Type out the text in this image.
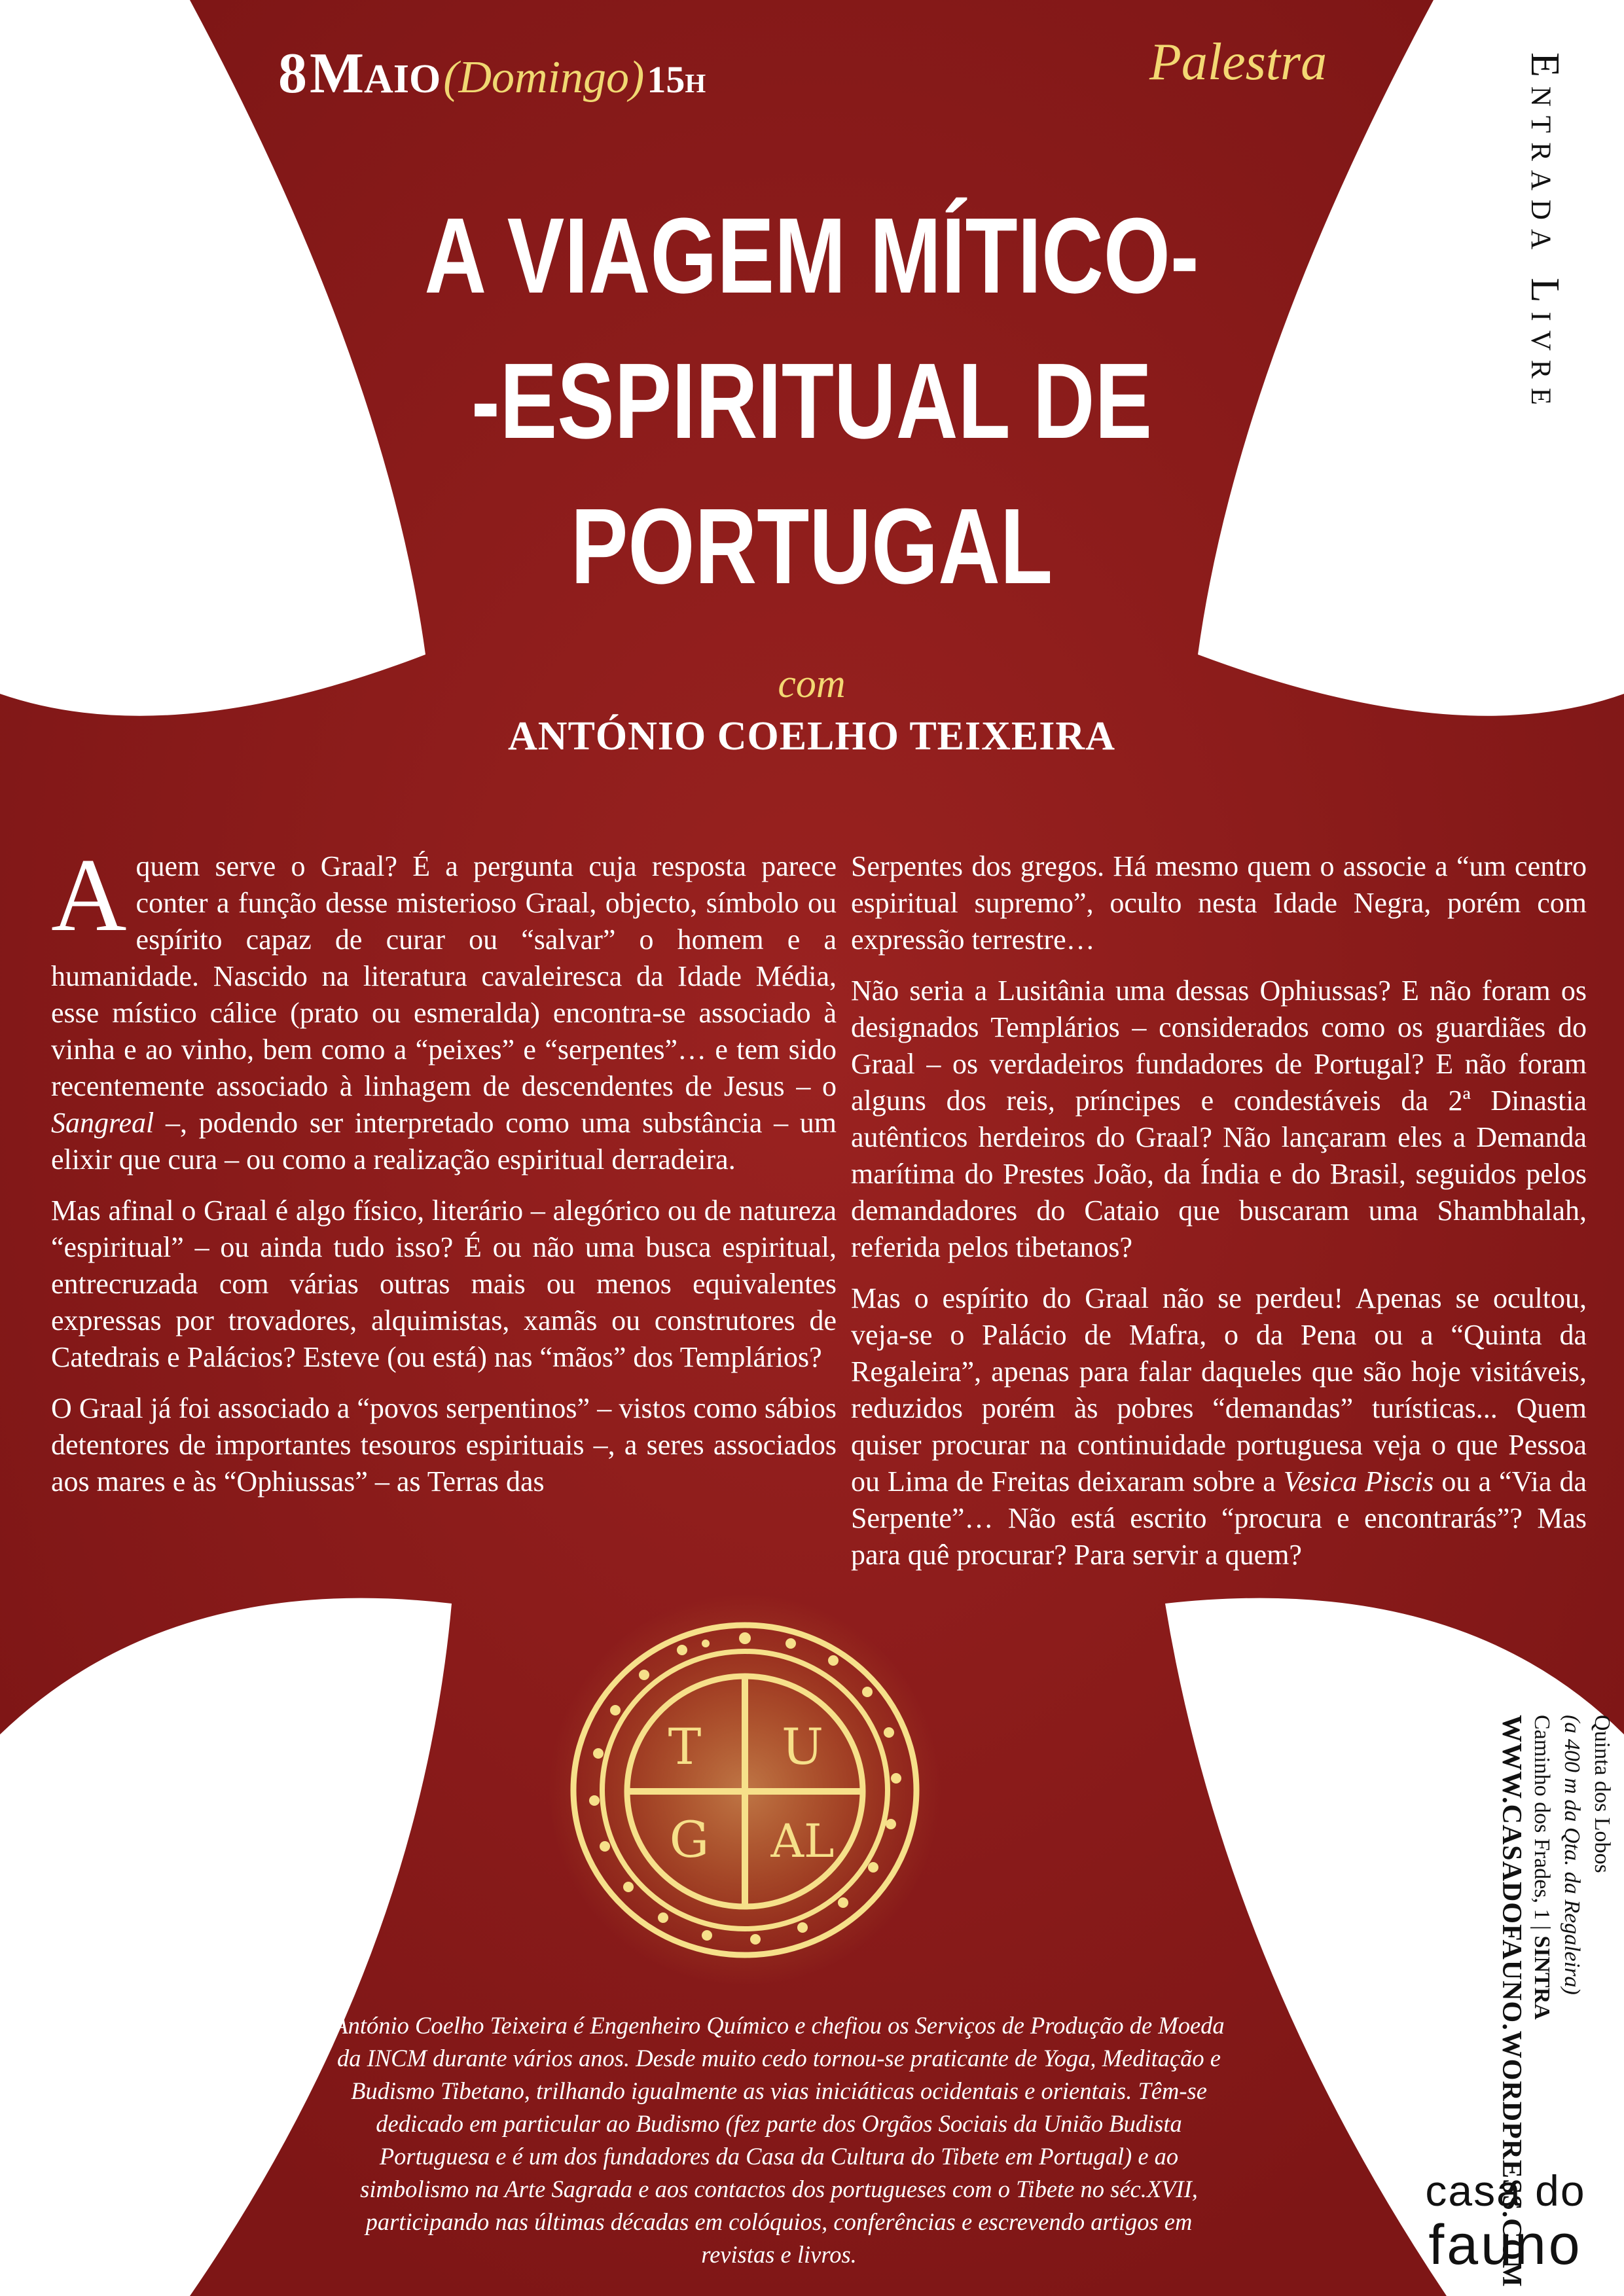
8 Maio (Domingo) 15h	Palestra	Entrada Livre
A VIAGEM MÍTICO-
-ESPIRITUAL DE
PORTUGAL
com
ANTÓNIO COELHO TEIXEIRA

A quem serve o Graal? É a pergunta cuja resposta parece conter a função desse misterioso Graal, objecto, símbolo ou espírito capaz de curar ou “salvar” o homem e a humanidade. Nascido na literatura cavaleiresca da Idade Média, esse místico cálice (prato ou esmeralda) encontra-se associado à vinha e ao vinho, bem como a “peixes” e “serpentes”… e tem sido recentemente associado à linhagem de descendentes de Jesus – o Sangreal –, podendo ser interpretado como uma substância – um elixir que cura – ou como a realização espiritual derradeira.

Mas afinal o Graal é algo físico, literário – alegórico ou de natureza “espiritual” – ou ainda tudo isso? É ou não uma busca espiritual, entrecruzada com várias outras mais ou menos equivalentes expressas por trovadores, alquimistas, xamãs ou construtores de Catedrais e Palácios? Esteve (ou está) nas “mãos” dos Templários?

O Graal já foi associado a “povos serpentinos” – vistos como sábios detentores de importantes tesouros espirituais –, a seres associados aos mares e às “Ophiussas” – as Terras das

Serpentes dos gregos. Há mesmo quem o associe a “um centro espiritual supremo”, oculto nesta Idade Negra, porém com expressão terrestre…

Não seria a Lusitânia uma dessas Ophiussas? E não foram os designados Templários – considerados como os guardiães do Graal – os verdadeiros fundadores de Portugal? E não foram alguns dos reis, príncipes e condestáveis da 2ª Dinastia autênticos herdeiros do Graal? Não lançaram eles a Demanda marítima do Prestes João, da Índia e do Brasil, seguidos pelos demandadores do Cataio que buscaram uma Shambhalah, referida pelos tibetanos?

Mas o espírito do Graal não se perdeu! Apenas se ocultou, veja-se o Palácio de Mafra, o da Pena ou a “Quinta da Regaleira”, apenas para falar daqueles que são hoje visitáveis, reduzidos porém às pobres “demandas” turísticas... Quem quiser procurar na continuidade portuguesa veja o que Pessoa ou Lima de Freitas deixaram sobre a Vesica Piscis ou a “Via da Serpente”… Não está escrito “procura e encontrarás”? Mas para quê procurar? Para servir a quem?

T U
G AL
António Coelho Teixeira é Engenheiro Químico e chefiou os Serviços de Produção de Moeda da INCM durante vários anos. Desde muito cedo tornou-se praticante de Yoga, Meditação e Budismo Tibetano, trilhando igualmente as vias iniciáticas ocidentais e orientais. Têm-se dedicado em particular ao Budismo (fez parte dos Orgãos Sociais da União Budista Portuguesa e é um dos fundadores da Casa da Cultura do Tibete em Portugal) e ao simbolismo na Arte Sagrada e aos contactos dos portugueses com o Tibete no séc.XVII, participando nas últimas décadas em colóquios, conferências e escrevendo artigos em revistas e livros.
Quinta dos Lobos
(a 400 m da Qta. da Regaleira)
Caminho dos Frades, 1 | SINTRA
WWW.CASADOFAUNO.WORDPRESS.COM
casa do
fauno
